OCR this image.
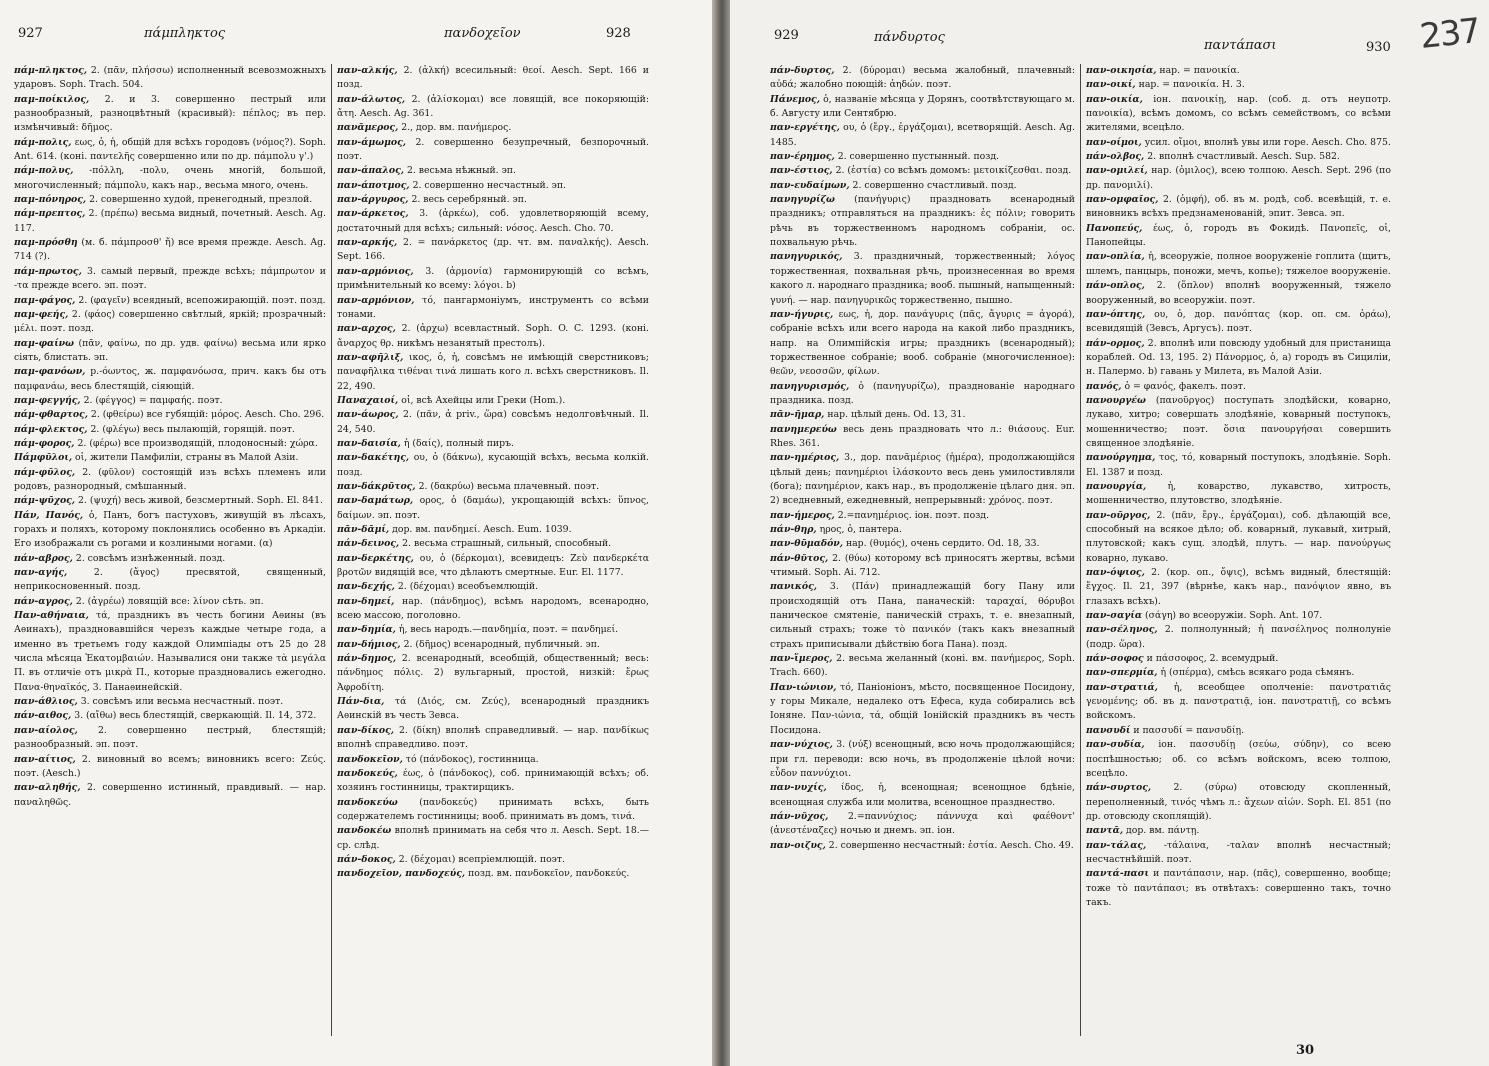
927	πάμπληκτος	πανδοχεῖον	928

πάμ-πληκτος, 2. (πᾶν, πλήσσω) исполненный всевозможныхъ ударовъ. Soph. Trach. 504.

παμ-ποίκιλος, 2. и 3. совершенно пестрый или разнообразный, разноцвѣтный (красивый): πέπλος; въ пер. измѣнчивый: δῆμος.

πάμ-πολις, εως, ὁ, ἡ, общій для всѣхъ городовъ (νόμος?). Soph. Ant. 614. (коні. παντελῆς совершенно или по др. πάμπολυ γ'.)

πάμ-πολυς, -πόλλη, -πολυ, очень многій, большой, многочисленный; πάμπολυ, какъ нар., весьма много, очень.

παμ-πόνηρος, 2. совершенно худой, пренегодный, презлой.

πάμ-πρεπτος, 2. (πρέπω) весьма видный, почетный. Aesch. Ag. 117.

παμ-πρόσθη (м. б. πάμπροσθ' ἤ) все время прежде. Aesch. Ag. 714 (?).

πάμ-πρωτος, 3. самый первый, прежде всѣхъ; πάμπρωτον и -τα прежде всего. эп. поэт.

παμ-φάγος, 2. (φαγεῖν) всеядный, всепожирающій. поэт. позд.

παμ-φεής, 2. (φάος) совершенно свѣтлый, яркій; прозрачный: μέλι. поэт. позд.

παμ-φαίνω (πᾶν, φαίνω, по др. удв. φαίνω) весьма или ярко сіять, блистать. эп.

παμ-φανόων, р.-όωντος, ж. παμφανόωσα, прич. какъ бы отъ παμφανάω, весь блестящій, сіяющій.

παμ-φεγγής, 2. (φέγγος) = παμφαής. поэт.

πάμ-φθαρτος, 2. (φθείρω) все губящій: μόρος. Aesch. Cho. 296.

πάμ-φλεκτος, 2. (φλέγω) весь пылающій, горящій. поэт.

πάμ-φορος, 2. (φέρω) все производящій, плодоносный: χώρα.

Πάμφῦλοι, οἱ, жители Памфиліи, страны въ Малой Азіи.

πάμ-φῦλος, 2. (φῦλον) состоящій изъ всѣхъ племенъ или родовъ, разнородный, смѣшанный.

πάμ-ψῦχος, 2. (ψυχή) весь живой, безсмертный. Soph. El. 841.

Πάν, Πανός, ὁ, Панъ, богъ пастуховъ, живущій въ лѣсахъ, горахъ и поляхъ, которому поклонялись особенно въ Аркадіи. Его изображали съ рогами и козлиными ногами. (α)

πάν-αβρος, 2. совсѣмъ изнѣженный. позд.

παν-αγής,	2. (ἄγος) пресвятой, священный, неприкосновенный. позд.

πάν-αγρος, 2. (ἀγρέω) ловящій все: λίνον сѣть. эп.

Παν-αθήναια, τά, праздникъ въ честь богини Аѳины (въ Аѳинахъ), праздновавшійся черезъ каждые четыре года, а именно въ третьемъ году каждой Олимпіады отъ 25 до 28 числа мѣсяца Ἑκατομβαιών. Называлися они также τὰ μεγάλα Π. въ отличіе отъ μικρὰ Π., которые праздновались ежегодно. Πανα-θηναϊκός, 3. Панаѳинейскій.

παν-άθλιος, 3. совсѣмъ или весьма несчастный. поэт.

πάν-αιθος, 3. (αἴθω) весь блестящій, сверкающій. Il. 14, 372.

παν-αίολος, 2. совершенно пестрый, блестящій; разнообразный. эп. поэт.

παν-αίτιος, 2. виновный во всемъ; виновникъ всего: Ζεύς. поэт. (Aesch.)

παν-αληθής, 2. совершенно истинный, правдивый. — нар. παναληθῶς.

παν-αλκής, 2. (ἀλκή) всесильный: θεοί. Aesch. Sept. 166 и позд.

παν-άλωτος, 2. (ἁλίσκομαι) все ловящій, все покоряющій: ἄτη. Aesch. Ag. 361.

πανᾶμερος, 2., дор. вм. πανήμερος.

παν-άμωμος, 2. совершенно безупречный, безпорочный. поэт.

παν-άπαλος, 2. весьма нѣжный. эп.

παν-άποτμος, 2. совершенно несчастный. эп.

παν-άργυρος, 2. весь серебряный. эп.

παν-άρκετος, 3. (ἀρκέω), соб. удовлетворяющій всему, достаточный для всѣхъ; сильный: νόσος. Aesch. Cho. 70.

παν-αρκής, 2. = πανάρκετος (др. чт. вм. παναλκής). Aesch. Sept. 166.

παν-αρμόνιος, 3. (ἁρμονία) гармонирующій со всѣмъ, примѣнительный ко всему: λόγοι. b)

παν-αρμόνιον, τό, пангармоніумъ, инструментъ со всѣми тонами.

παν-αρχος, 2. (ἀρχω) всевластный. Soph. O. C. 1293. (коні. ἄναρχος θρ. никѣмъ незанятый престолъ).

παν-αφῆλιξ, ικος, ὁ, ἡ, совсѣмъ не имѣющій сверстниковъ; παναφῆλικα τιθέναι τινά лишать кого л. всѣхъ сверстниковъ. Il. 22, 490.

Παναχαιοί, οἱ, всѣ Ахейцы или Греки (Hom.).

παν-άωρος, 2. (πᾶν, ἀ priv., ὥρα) совсѣмъ недолговѣчный. Il. 24, 540.

παν-δαισία, ἡ (δαίς), полный пиръ.

παν-δακέτης, ου, ὁ (δάκνω), кусающій всѣхъ, весьма колкій. позд.

παν-δάκρῦτος, 2. (δακρύω) весьма плачевный. поэт.

παν-δαμάτωρ, ορος, ὁ (δαμάω), укрощающій всѣхъ: ὕπνος, δαίμων. эп. поэт.

πᾶν-δᾱμί, дор. вм. πανδημεί. Aesch. Eum. 1039.

πάν-δεινος, 2. весьма страшный, сильный, способный.

παν-δερκέτης, ου, ὁ (δέρκομαι), всевидецъ: Ζεὺ πανδερκέτα βροτῶν видящій все, что дѣлаютъ смертные. Eur. El. 1177.

παν-δεχής, 2. (δέχομαι) всеобъемлющій.

παν-δημεί, нар. (πάνδημος), всѣмъ народомъ, всенародно, всею массою, поголовно.

παν-δημία, ἡ, весь народъ.—πανδημία, поэт. = πανδημεί.

παν-δήμιος, 2. (δῆμος) всенародный, публичный. эп.

πάν-δημος, 2. всенародный, всеобщій, общественный; весь: πάνδημος πόλις. 2) вульгарный, простой, низкій: ἔρως Ἀφροδίτη.

Πάν-δια, τά (Διός, см. Ζεύς), всенародный праздникъ Аѳинскій въ честь Зевса.

παν-δίκος, 2. (δίκη) вполнѣ справедливый. — нар. πανδίκως вполнѣ справедливо. поэт.

πανδοκεῖον, τό (πάνδοκος), гостинница.

πανδοκεύς, έως, ὁ (πάνδοκος), соб. принимающій всѣхъ; об. хозяинъ гостинницы, трактирщикъ.

πανδοκεύω (πανδοκεύς) принимать всѣхъ, быть содержателемъ гостинницы; вооб. принимать въ домъ, τινά.

πανδοκέω вполнѣ принимать на себя что л. Aesch. Sept. 18.—ср. слѣд.

πάν-δοκος, 2. (δέχομαι) всепріемлющій. поэт.

πανδοχεῖον, πανδοχεύς, позд. вм. πανδοκεῖον, πανδοκεύς.

929	πάνδυρτος
παντάπασι	930 237

πάν-δυρτος, 2. (δύρομαι) весьма жалобный, плачевный: αὐδά; жалобно поющій: ἀηδών. поэт.

Πάνεμος, ὁ, названіе мѣсяца у Дорянъ, соотвѣтствующаго м. б. Августу или Сентябрю.

παν-εργέτης, ου, ὁ (ἔργ., ἐργάζομαι), всетворящій. Aesch. Ag. 1485.

παν-έρημος, 2. совершенно пустынный. позд.

παν-έστιος, 2. (ἑστία) со всѣмъ домомъ: μετοικίζεσθαι. позд.

παν-ευδαίμων, 2. совершенно счастливый. позд.

πανηγυρίζω (πανήγυρις) праздновать всенародный праздникъ; отправляться на праздникъ: ἐς πόλιν; говорить рѣчь въ торжественномъ народномъ собраніи, ос. похвальную рѣчь.

πανηγυρικός, 3. праздничный, торжественный; λόγος торжественная, похвальная рѣчь, произнесенная во время какого л. народнаго праздника; вооб. пышный, напыщенный: γυνή. — нар. πανηγυρικῶς торжественно, пышно.

παν-ήγυρις, εως, ἡ, дор. πανάγυρις (πᾶς, ἄγυρις = ἀγορά), собраніе всѣхъ или всего народа на какой либо праздникъ, напр. на Олимпійскія игры; праздникъ (всенародный); торжественное собраніе; вооб. собраніе (многочисленное): θεῶν, νεοσσῶν, φίλων.

πανηγυρισμός, ὁ (πανηγυρίζω), празднованіе народнаго праздника. позд.

πᾶν-ῆμαρ, нар. цѣлый день. Od. 13, 31.

πανημερεύω весь день праздновать что л.: θιάσους. Eur. Rhes. 361.

παν-ημέριος, 3., дор. πανᾱμέριος (ἡμέρα), продолжающійся цѣлый день; πανημέριοι ἱλάσκοντο весь день умилостивляли (бога); πανημέριον, какъ нар., въ продолженіе цѣлаго дня. эп. 2) вседневный, ежедневный, непрерывный: χρόνος. поэт.

παν-ήμερος, 2.=πανημέριος. іон. поэт. позд.

πάν-θηρ, ηρος, ὁ, пантера.

παν-θῡμαδόν, нар. (θυμός), очень сердито. Od. 18, 33.

πάν-θῠτος, 2. (θύω) которому всѣ приносятъ жертвы, всѣми чтимый. Soph. Ai. 712.

πανικός, 3. (Πάν) принадлежащій богу Пану или происходящій отъ Пана, паначескій: ταραχαί, θόρυβοι паническое смятеніе, паническій страхъ, т. е. внезапный, сильный страхъ; тоже τὸ πανικόν (такъ какъ внезапный страхъ приписывали дѣйствію бога Пана). позд.

παν-ἵμερος, 2. весьма желанный (коні. вм. πανήμερος, Soph. Trach. 660).

Παν-ιώνιον, τό, Паніоніонъ, мѣсто, посвященное Посидону, у горы Микале, недалеко отъ Ефеса, куда собирались всѣ Іоняне. Παν-ιώνια, τά, общій Іонійскій праздникъ въ честь Посидона.

παν-νύχιος, 3. (νύξ) всенощный, всю ночь продолжающійся; при гл. переводи: всю ночь, въ продолженіе цѣлой ночи: εὗδον παννύχιοι.

παν-νυχίς, ίδος, ἡ, всенощная; всенощное бдѣніе, всенощная служба или молитва, всенощное празднество.

πάν-νῠχος, 2.=παννύχιος; πάννυχα καὶ φαέθοντ' (ἀνεστέναζες) ночью и днемъ. эп. іон.

παν-οιζυς, 2. совершенно несчастный: ἑστία. Aesch. Cho. 49.

παν-οικησία, нар. = πανοικία.

παν-οικί, нар. = πανοικία. Н. 3.

παν-οικία, іон. πανοικίῃ, нар. (соб. д. отъ неупотр. πανοικία), всѣмъ домомъ, со всѣмъ семействомъ, со всѣми жителями, всецѣло.

παν-οίμοι, усил. οἴμοι, вполнѣ увы или горе. Aesch. Cho. 875.

πάν-ολβος, 2. вполнѣ счастливый. Aesch. Sup. 582.

παν-ομιλεί, нар. (ὁμιλος), всею толпою. Aesch. Sept. 296 (по др. πανομιλί).

παν-ομφαῖος, 2. (ὀμφή), об. въ м. родѣ, соб. всевѣщій, т. е. виновникъ всѣхъ предзнаменованій, эпит. Зевса. эп.

Πανοπεύς, έως, ὁ, городъ въ Фокидѣ. Πανοπεῖς, οἱ, Панопейцы.

παν-οπλία, ἡ, всеоружіе, полное вооруженіе гоплита (щитъ, шлемъ, панцырь, поножи, мечъ, копье); тяжелое вооруженіе.

πάν-οπλος, 2. (ὅπλον) вполнѣ вооруженный, тяжело вооруженный, во всеоружіи. поэт.

παν-όπτης, ου, ὁ, дор. πανόπτας (кор. οπ. см. ὁράω), всевидящій (Зевсъ, Аргусъ). поэт.

πάν-ορμος, 2. вполнѣ или повсюду удобный для пристанища кораблей. Od. 13, 195. 2) Πάνορμος, ὁ, а) городъ въ Сициліи, н. Палермо. b) гавань у Милета, въ Малой Азіи.

πανός, ὁ = φανός, факелъ. поэт.

πανουργέω (πανοῦργος) поступать злодѣйски, коварно, лукаво, хитро; совершать злодѣяніе, коварный поступокъ, мошенничество; поэт. ὅσια πανουργήσαι совершить священное злодѣяніе.

πανούργημα, τος, τό, коварный поступокъ, злодѣяніе. Soph. El. 1387 и позд.

πανουργία, ἡ, коварство, лукавство, хитрость, мошенничество, плутовство, злодѣяніе.

παν-οῦργος, 2. (πᾶν, ἔργ., ἐργάζομαι), соб. дѣлающій все, способный на всякое дѣло; об. коварный, лукавый, хитрый, плутовской; какъ сущ. злодѣй, плутъ. — нар. πανούργως коварно, лукаво.

παν-όψιος, 2. (кор. οπ., ὄψις), всѣмъ видный, блестящій: ἔγχος. Il. 21, 397 (вѣрнѣе, какъ нар., πανόψιον явно, въ глазахъ всѣхъ).

παν-σαγία (σάγη) во всеоружіи. Soph. Ant. 107.

παν-σέληνος, 2. полнолунный; ἡ πανσέληνος полнолуніе (подр. ὥρα).

πάν-σοφος и πάσσοφος, 2. всемудрый.

παν-σπερμία, ἡ (σπέρμα), смѣсь всякаго рода сѣмянъ.

παν-στρατιά, ἡ, всеобщее ополченіе: πανστρατιᾶς γενομένης; об. въ д. πανστρατιᾷ, іон. πανστρατιῇ, со всѣмъ войскомъ.

πανσυδί и πασσυδί = πανσυδίῃ.

παν-συδία, іон. πασσυδίῃ (σεύω, σύδην), со всею поспѣшностью; об. со всѣмъ войскомъ, всею толпою, всецѣло.

πάν-συρτος, 2. (σύρω) отовсюду скопленный, переполненный, τινός чѣмъ л.: ἄχεων αἰών. Soph. El. 851 (по др. отовсюду скоплящій).

παντᾶ, дор. вм. πάντῃ.

παν-τάλας, -τάλαινα, -ταλαν вполнѣ несчастный; несчастнѣйшій. поэт.

παντά-πασι и παντάπασιν, нар. (πᾶς), совершенно, вообще; тоже τὸ παντάπασι; въ отвѣтахъ: совершенно такъ, точно такъ.

30
